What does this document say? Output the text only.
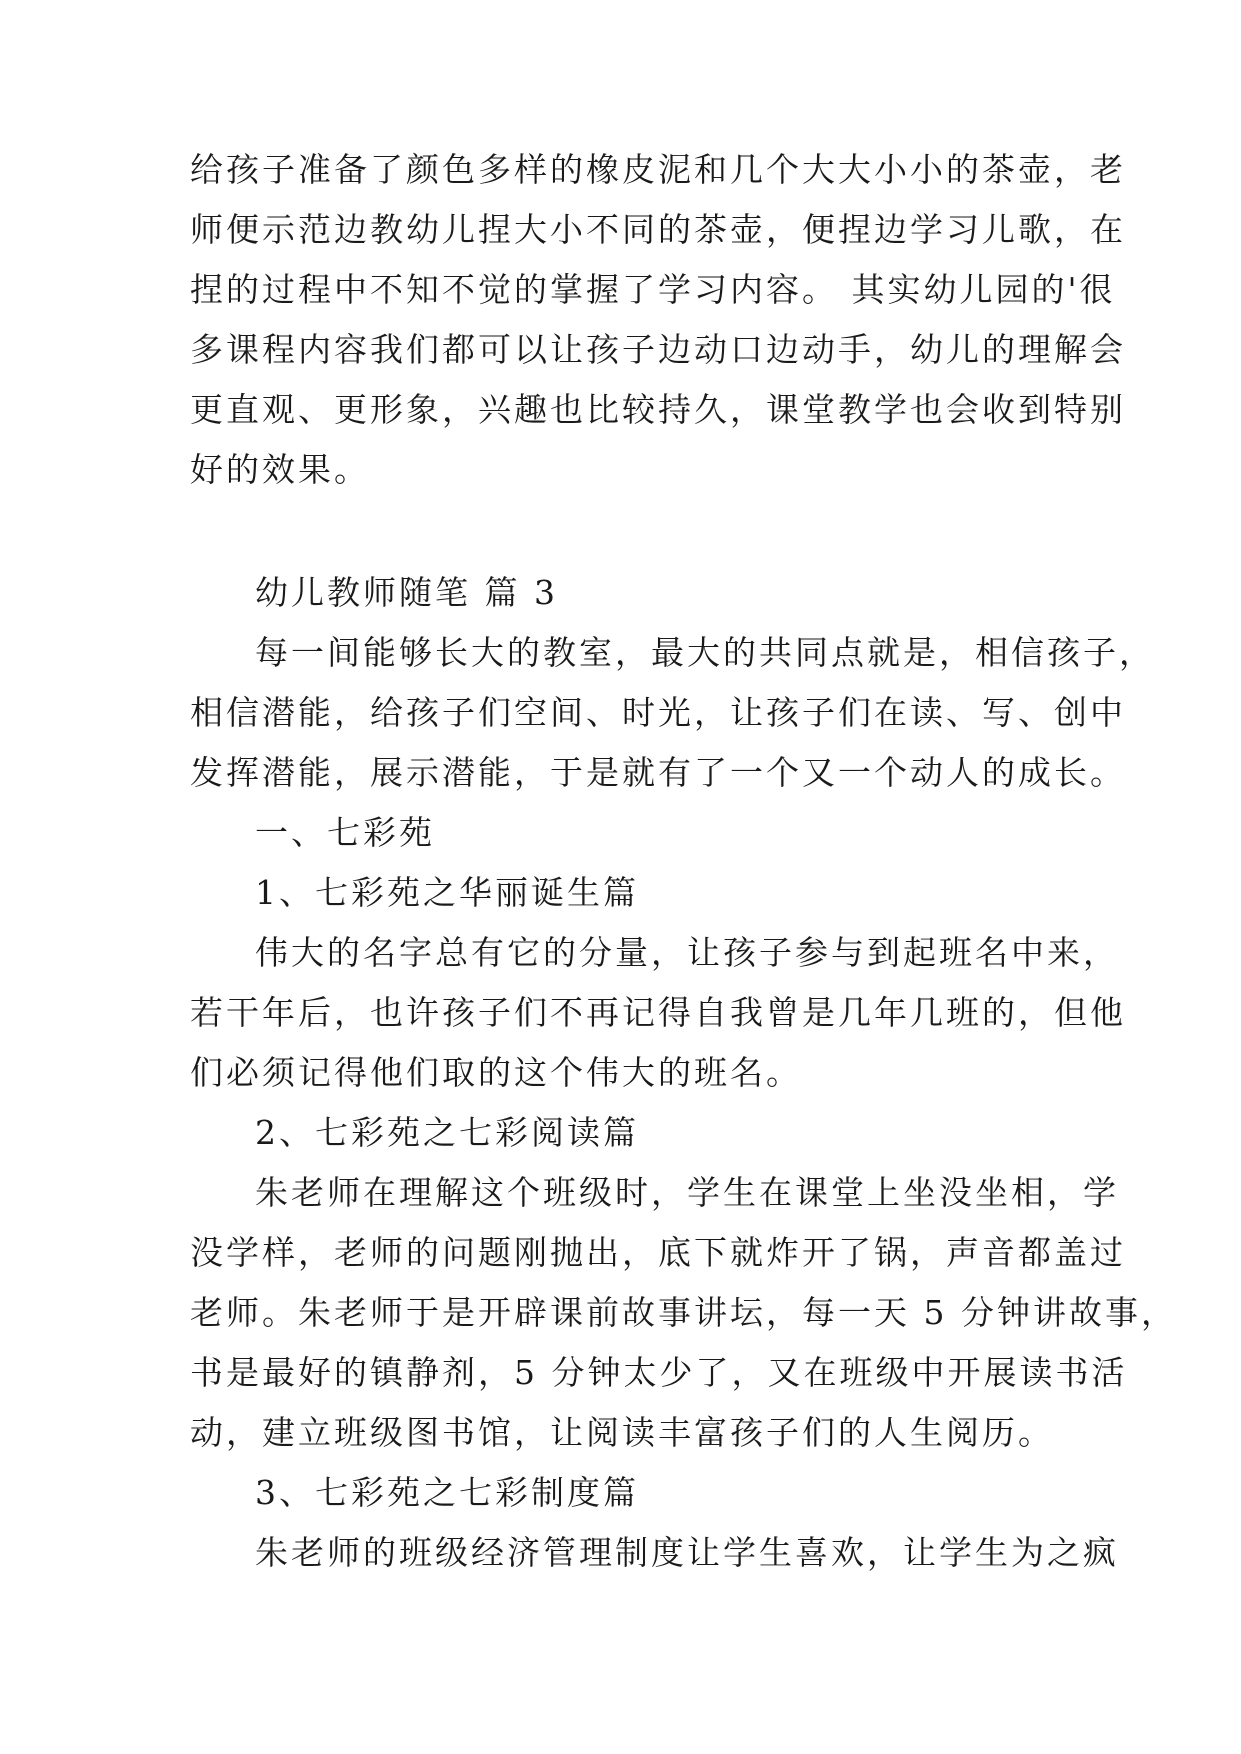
给孩子准备了颜色多样的橡皮泥和几个大大小小的茶壶，老
师便示范边教幼儿捏大小不同的茶壶，便捏边学习儿歌，在
捏的过程中不知不觉的掌握了学习内容。 其实幼儿园的'很
多课程内容我们都可以让孩子边动口边动手，幼儿的理解会
更直观、更形象，兴趣也比较持久，课堂教学也会收到特别
好的效果。
幼儿教师随笔 篇 3
每一间能够长大的教室，最大的共同点就是，相信孩子，
相信潜能，给孩子们空间、时光，让孩子们在读、写、创中
发挥潜能，展示潜能，于是就有了一个又一个动人的成长。
一、七彩苑
1、七彩苑之华丽诞生篇
伟大的名字总有它的分量，让孩子参与到起班名中来，
若干年后，也许孩子们不再记得自我曾是几年几班的，但他
们必须记得他们取的这个伟大的班名。
2、七彩苑之七彩阅读篇
朱老师在理解这个班级时，学生在课堂上坐没坐相，学
没学样，老师的问题刚抛出，底下就炸开了锅，声音都盖过
老师。朱老师于是开辟课前故事讲坛，每一天 5 分钟讲故事，
书是最好的镇静剂，5 分钟太少了，又在班级中开展读书活
动，建立班级图书馆，让阅读丰富孩子们的人生阅历。
3、七彩苑之七彩制度篇
朱老师的班级经济管理制度让学生喜欢，让学生为之疯
